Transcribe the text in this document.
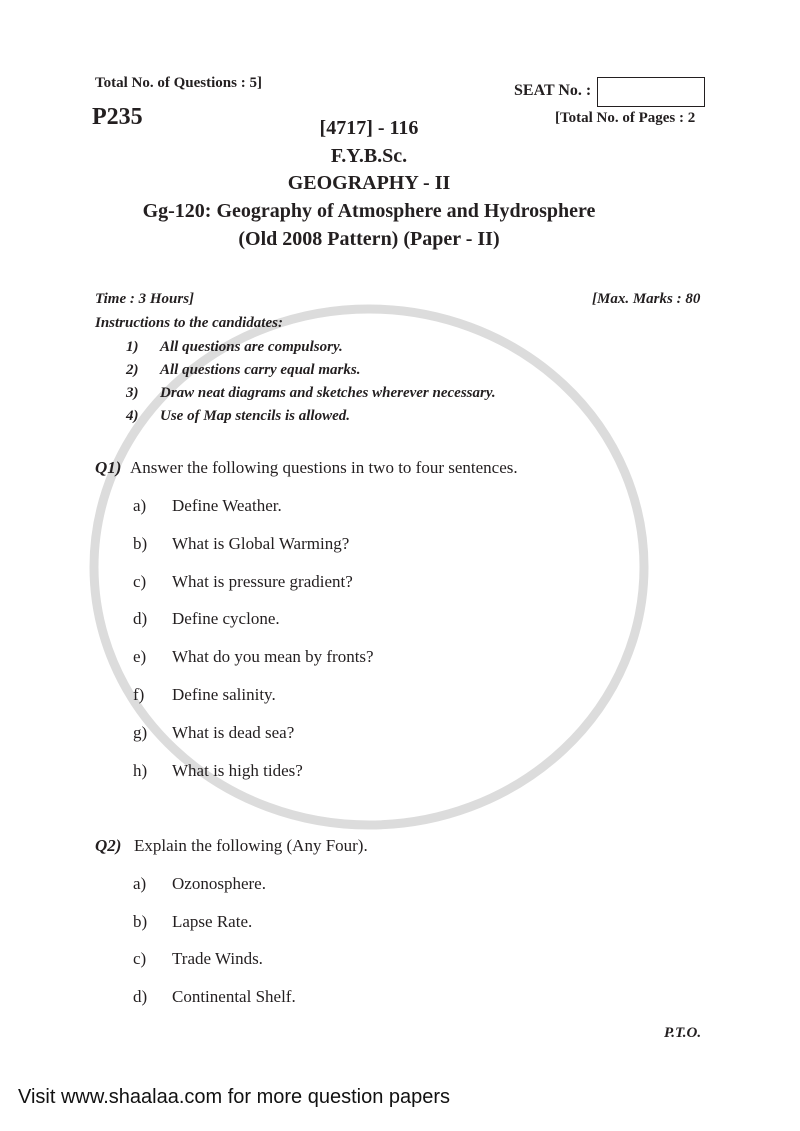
Total No. of Questions : 5]
P235
SEAT No. :
[Total No. of Pages : 2
[4717] - 116
F.Y.B.Sc.
GEOGRAPHY - II
Gg-120: Geography of Atmosphere and Hydrosphere
(Old 2008 Pattern) (Paper - II)
Time : 3 Hours]	[Max. Marks : 80
Instructions to the candidates:
1) All questions are compulsory.
2) All questions carry equal marks.
3) Draw neat diagrams and sketches wherever necessary.
4) Use of Map stencils is allowed.
Q1) Answer the following questions in two to four sentences.
a) Define Weather.
b) What is Global Warming?
c) What is pressure gradient?
d) Define cyclone.
e) What do you mean by fronts?
f) Define salinity.
g) What is dead sea?
h) What is high tides?
Q2) Explain the following (Any Four).
a) Ozonosphere.
b) Lapse Rate.
c) Trade Winds.
d) Continental Shelf.
P.T.O.
Visit www.shaalaa.com for more question papers
